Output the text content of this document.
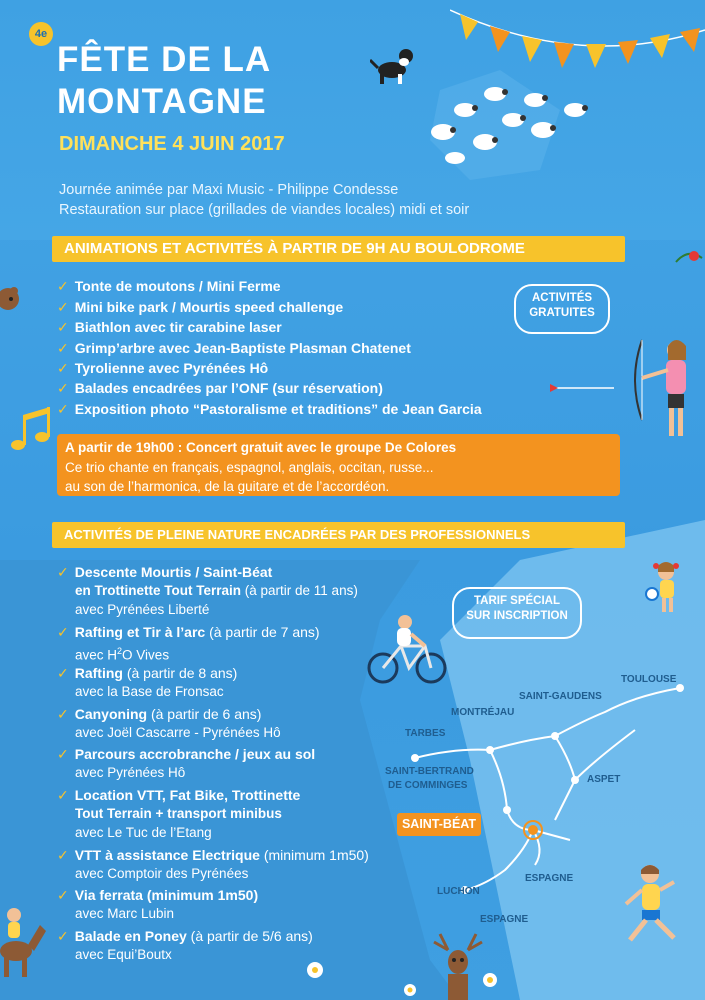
4e
FÊTE DE LA
MONTAGNE
DIMANCHE 4 JUIN 2017
Journée animée par Maxi Music - Philippe Condesse
Restauration sur place (grillades de viandes locales) midi et soir
ANIMATIONS ET ACTIVITÉS À PARTIR DE 9H AU BOULODROME
✓ Tonte de moutons / Mini Ferme
✓ Mini bike park / Mourtis speed challenge
✓ Biathlon avec tir carabine laser
✓ Grimp’arbre avec Jean-Baptiste Plasman Chatenet
✓ Tyrolienne avec Pyrénées Hô
✓ Balades encadrées par l’ONF (sur réservation)
✓ Exposition photo “Pastoralisme et traditions” de Jean Garcia
ACTIVITÉS
GRATUITES
A partir de 19h00 : Concert gratuit avec le groupe De Colores
Ce trio chante en français, espagnol, anglais, occitan, russe...
au son de l’harmonica, de la guitare et de l’accordéon.
ACTIVITÉS DE PLEINE NATURE ENCADRÉES PAR DES PROFESSIONNELS
TARIF SPÉCIAL
SUR INSCRIPTION
✓ Descente Mourtis / Saint-Béat
en Trottinette Tout Terrain (à partir de 11 ans)
avec Pyrénées Liberté
✓ Rafting et Tir à l’arc (à partir de 7 ans)
avec $H^2O$ Vives
✓ Rafting (à partir de 8 ans)
avec la Base de Fronsac
✓ Canyoning (à partir de 6 ans)
avec Joël Cascarre - Pyrénées Hô
✓ Parcours accrobranche / jeux au sol
avec Pyrénées Hô
✓ Location VTT, Fat Bike, Trottinette
Tout Terrain + transport minibus
avec Le Tuc de l’Etang
✓ VTT à assistance Electrique (minimum 1m50)
avec Comptoir des Pyrénées
✓ Via ferrata (minimum 1m50)
avec Marc Lubin
✓ Balade en Poney (à partir de 5/6 ans)
avec Equi’Boutx
TOULOUSE
SAINT-GAUDENS
MONTRÉJAU
TARBES
SAINT-BERTRAND
DE COMMINGES
ASPET
SAINT-BÉAT
ESPAGNE
LUCHON
ESPAGNE
